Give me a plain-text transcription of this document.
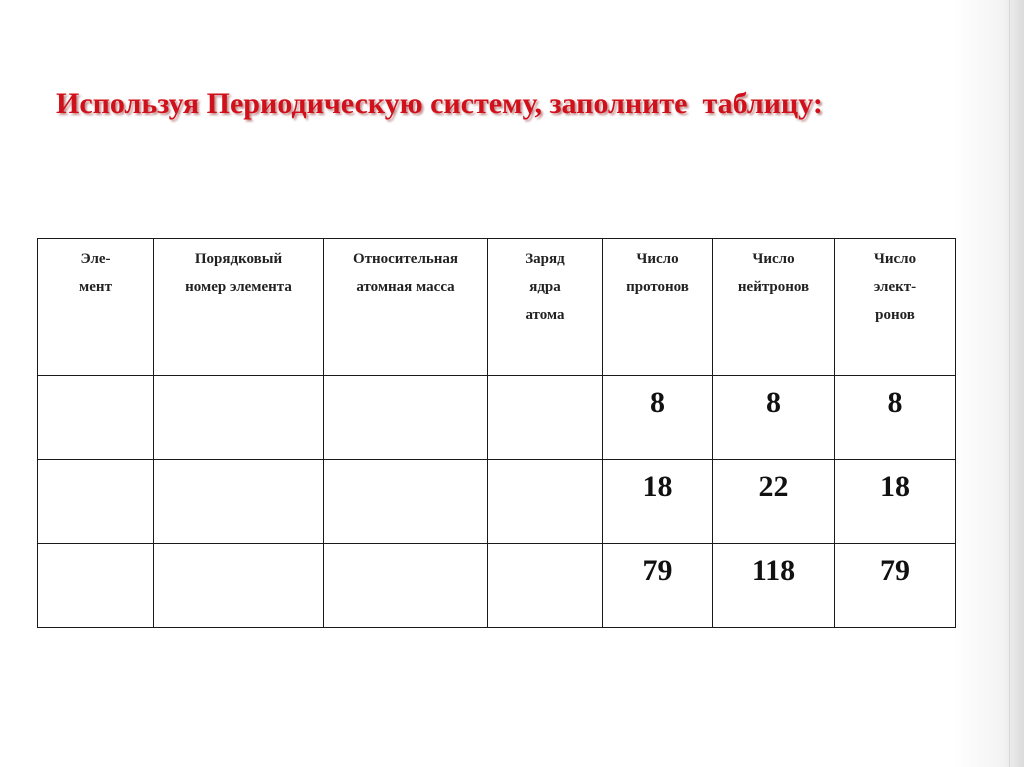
Используя Периодическую систему, заполните  таблицу:
Эле-
мент	Порядковый
номер элемента	Относительная
атомная масса	Заряд
ядра
атома	Число
протонов	Число
нейтронов	Число
элект-
ронов

				8	8	8
				18	22	18
				79	118	79
